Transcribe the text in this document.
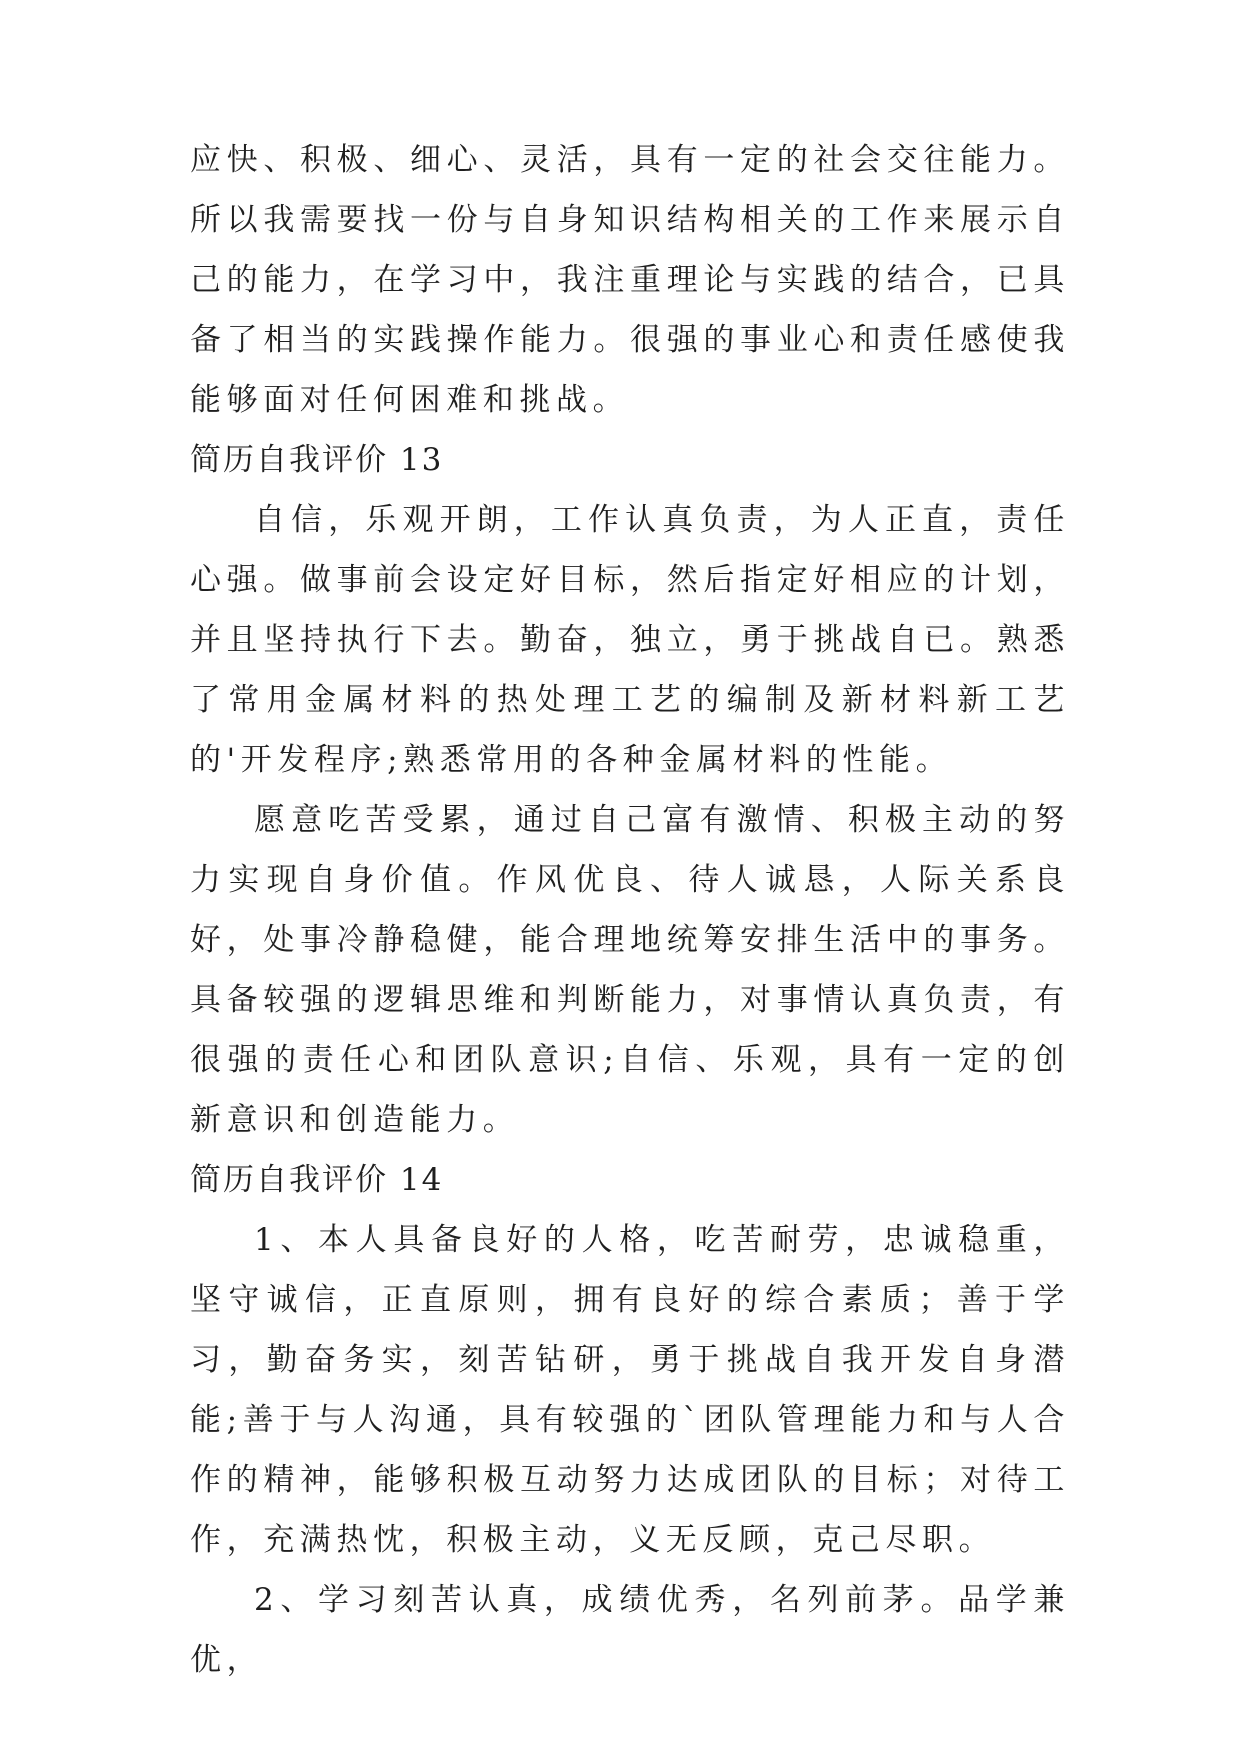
应快、积极、细心、灵活，具有一定的社会交往能力。所以我需要找一份与自身知识结构相关的工作来展示自己的能力，在学习中，我注重理论与实践的结合，已具备了相当的实践操作能力。很强的事业心和责任感使我能够面对任何困难和挑战。

简历自我评价 13

自信，乐观开朗，工作认真负责，为人正直，责任心强。做事前会设定好目标，然后指定好相应的计划，并且坚持执行下去。勤奋，独立，勇于挑战自已。熟悉了常用金属材料的热处理工艺的编制及新材料新工艺的'开发程序;熟悉常用的各种金属材料的性能。

愿意吃苦受累，通过自己富有激情、积极主动的努力实现自身价值。作风优良、待人诚恳，人际关系良好，处事冷静稳健，能合理地统筹安排生活中的事务。具备较强的逻辑思维和判断能力，对事情认真负责，有很强的责任心和团队意识;自信、乐观，具有一定的创新意识和创造能力。

简历自我评价 14

1、本人具备良好的人格，吃苦耐劳，忠诚稳重，坚守诚信，正直原则，拥有良好的综合素质；善于学习，勤奋务实，刻苦钻研，勇于挑战自我开发自身潜能;善于与人沟通，具有较强的`团队管理能力和与人合作的精神，能够积极互动努力达成团队的目标；对待工作，充满热忱，积极主动，义无反顾，克己尽职。

2、学习刻苦认真，成绩优秀，名列前茅。品学兼优，
